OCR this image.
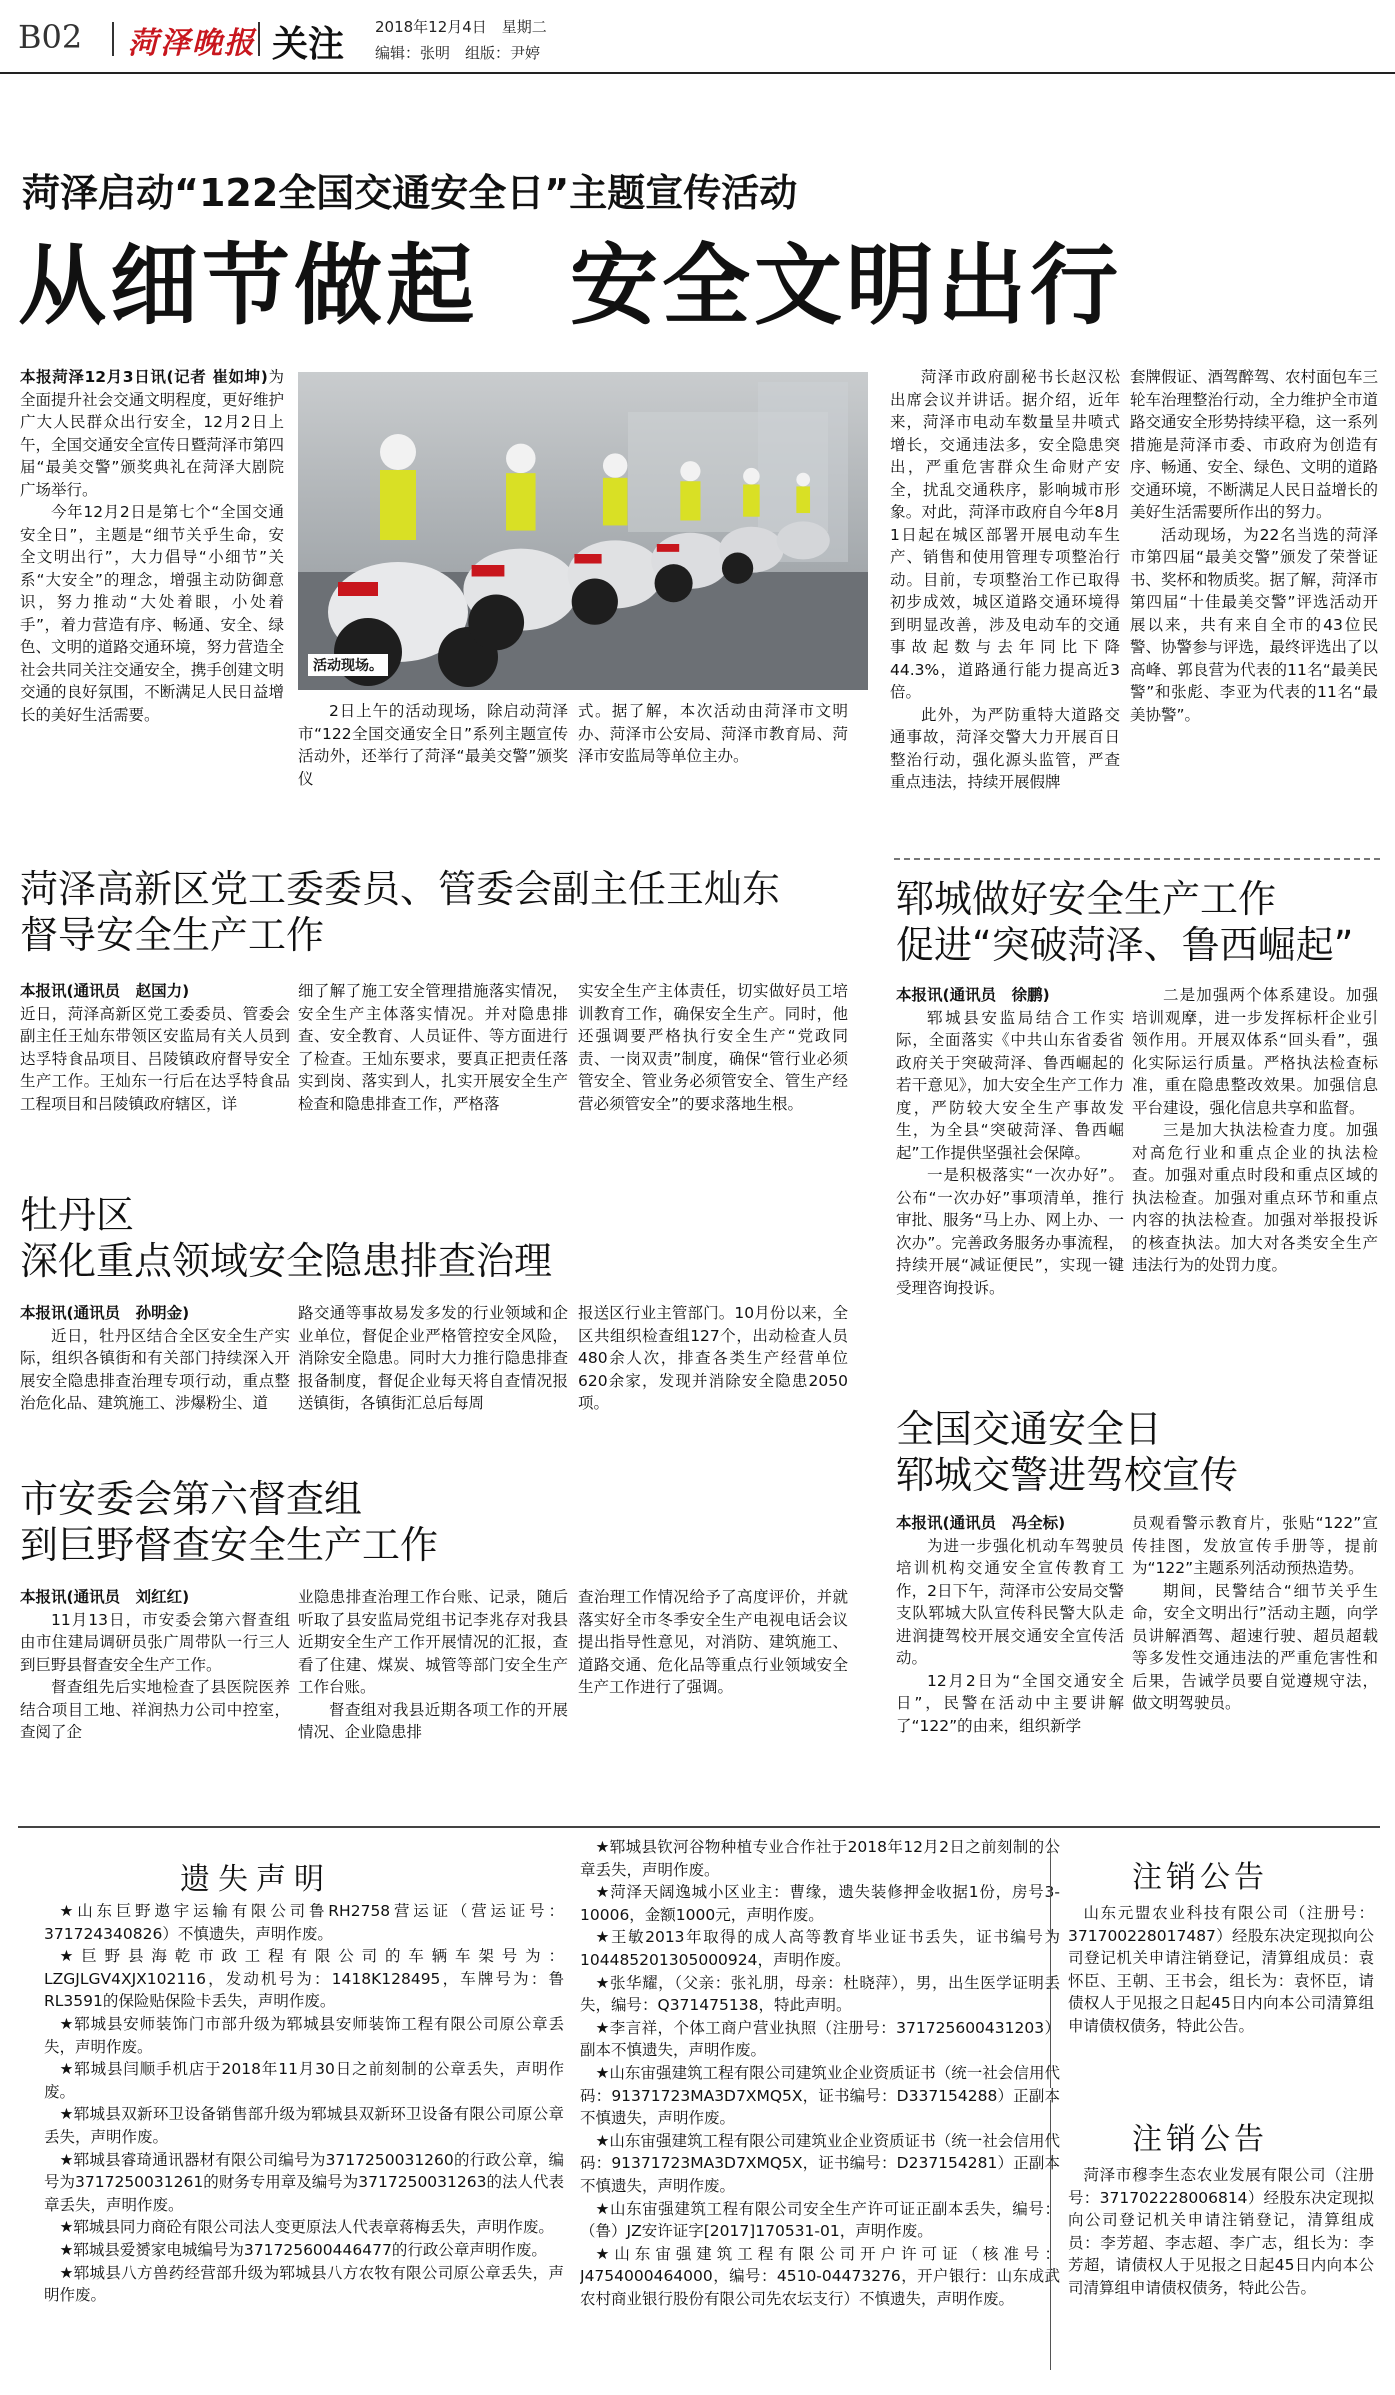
B02 菏泽晚报 关注 2018年12月4日　星期二
编辑：张明　组版：尹婷
菏泽启动“122全国交通安全日”主题宣传活动
从细节做起　安全文明出行

本报菏泽12月3日讯(记者 崔如坤)为全面提升社会交通文明程度，更好维护广大人民群众出行安全，12月2日上午，全国交通安全宣传日暨菏泽市第四届“最美交警”颁奖典礼在菏泽大剧院广场举行。

今年12月2日是第七个“全国交通安全日”，主题是“细节关乎生命，安全文明出行”，大力倡导“小细节”关系“大安全”的理念，增强主动防御意识，努力推动“大处着眼，小处着手”，着力营造有序、畅通、安全、绿色、文明的道路交通环境，努力营造全社会共同关注交通安全，携手创建文明交通的良好氛围，不断满足人民日益增长的美好生活需要。

活动现场。

2日上午的活动现场，除启动菏泽市“122全国交通安全日”系列主题宣传活动外，还举行了菏泽“最美交警”颁奖仪

式。据了解，本次活动由菏泽市文明办、菏泽市公安局、菏泽市教育局、菏泽市安监局等单位主办。

菏泽市政府副秘书长赵汉松出席会议并讲话。据介绍，近年来，菏泽市电动车数量呈井喷式增长，交通违法多，安全隐患突出，严重危害群众生命财产安全，扰乱交通秩序，影响城市形象。对此，菏泽市政府自今年8月1日起在城区部署开展电动车生产、销售和使用管理专项整治行动。目前，专项整治工作已取得初步成效，城区道路交通环境得到明显改善，涉及电动车的交通事故起数与去年同比下降44.3%，道路通行能力提高近3倍。

此外，为严防重特大道路交通事故，菏泽交警大力开展百日整治行动，强化源头监管，严查重点违法，持续开展假牌

套牌假证、酒驾醉驾、农村面包车三轮车治理整治行动，全力维护全市道路交通安全形势持续平稳，这一系列措施是菏泽市委、市政府为创造有序、畅通、安全、绿色、文明的道路交通环境，不断满足人民日益增长的美好生活需要所作出的努力。

活动现场，为22名当选的菏泽市第四届“最美交警”颁发了荣誉证书、奖杯和物质奖。据了解，菏泽市第四届“十佳最美交警”评选活动开展以来，共有来自全市的43位民警、协警参与评选，最终评选出了以高峰、郭良营为代表的11名“最美民警”和张彪、李亚为代表的11名“最美协警”。

菏泽高新区党工委委员、管委会副主任王灿东
督导安全生产工作

本报讯(通讯员　赵国力)

近日，菏泽高新区党工委委员、管委会副主任王灿东带领区安监局有关人员到达孚特食品项目、吕陵镇政府督导安全生产工作。王灿东一行后在达孚特食品工程项目和吕陵镇政府辖区，详

细了解了施工安全管理措施落实情况，安全生产主体落实情况。并对隐患排查、安全教育、人员证件、等方面进行了检查。王灿东要求，要真正把责任落实到岗、落实到人，扎实开展安全生产检查和隐患排查工作，严格落

实安全生产主体责任，切实做好员工培训教育工作，确保安全生产。同时，他还强调要严格执行安全生产“党政同责、一岗双责”制度，确保“管行业必须管安全、管业务必须管安全、管生产经营必须管安全”的要求落地生根。

牡丹区
深化重点领域安全隐患排查治理

本报讯(通讯员　孙明金)

近日，牡丹区结合全区安全生产实际，组织各镇街和有关部门持续深入开展安全隐患排查治理专项行动，重点整治危化品、建筑施工、涉爆粉尘、道

路交通等事故易发多发的行业领域和企业单位，督促企业严格管控安全风险，消除安全隐患。同时大力推行隐患排查报备制度，督促企业每天将自查情况报送镇街，各镇街汇总后每周

报送区行业主管部门。10月份以来，全区共组织检查组127个，出动检查人员480余人次，排查各类生产经营单位620余家，发现并消除安全隐患2050项。

市安委会第六督查组
到巨野督查安全生产工作

本报讯(通讯员　刘红红)

11月13日，市安委会第六督查组由市住建局调研员张广周带队一行三人到巨野县督查安全生产工作。

督查组先后实地检查了县医院医养结合项目工地、祥润热力公司中控室，查阅了企

业隐患排查治理工作台账、记录，随后听取了县安监局党组书记李兆存对我县近期安全生产工作开展情况的汇报，查看了住建、煤炭、城管等部门安全生产工作台账。

督查组对我县近期各项工作的开展情况、企业隐患排

查治理工作情况给予了高度评价，并就落实好全市冬季安全生产电视电话会议提出指导性意见，对消防、建筑施工、道路交通、危化品等重点行业领域安全生产工作进行了强调。

郓城做好安全生产工作
促进“突破菏泽、鲁西崛起”

本报讯(通讯员　徐鹏)

郓城县安监局结合工作实际，全面落实《中共山东省委省政府关于突破菏泽、鲁西崛起的若干意见》，加大安全生产工作力度，严防较大安全生产事故发生，为全县“突破菏泽、鲁西崛起”工作提供坚强社会保障。

一是积极落实“一次办好”。公布“一次办好”事项清单，推行审批、服务“马上办、网上办、一次办”。完善政务服务办事流程，持续开展“减证便民”，实现一键受理咨询投诉。

二是加强两个体系建设。加强培训观摩，进一步发挥标杆企业引领作用。开展双体系“回头看”，强化实际运行质量。严格执法检查标准，重在隐患整改效果。加强信息平台建设，强化信息共享和监督。

三是加大执法检查力度。加强对高危行业和重点企业的执法检查。加强对重点时段和重点区域的执法检查。加强对重点环节和重点内容的执法检查。加强对举报投诉的核查执法。加大对各类安全生产违法行为的处罚力度。

全国交通安全日
郓城交警进驾校宣传

本报讯(通讯员　冯全标)

为进一步强化机动车驾驶员培训机构交通安全宣传教育工作，2日下午，菏泽市公安局交警支队郓城大队宣传科民警大队走进润捷驾校开展交通安全宣传活动。

12月2日为“全国交通安全日”，民警在活动中主要讲解了“122”的由来，组织新学

员观看警示教育片，张贴“122”宣传挂图，发放宣传手册等，提前为“122”主题系列活动预热造势。

期间，民警结合“细节关乎生命，安全文明出行”活动主题，向学员讲解酒驾、超速行驶、超员超载等多发性交通违法的严重危害性和后果，告诫学员要自觉遵规守法，做文明驾驶员。

遗失声明

★山东巨野遨宇运输有限公司鲁RH2758营运证（营运证号：371724340826）不慎遗失，声明作废。

★巨野县海乾市政工程有限公司的车辆车架号为：LZGJLGV4XJX102116，发动机号为：1418K128495，车牌号为：鲁RL3591的保险贴保险卡丢失，声明作废。

★郓城县安师装饰门市部升级为郓城县安师装饰工程有限公司原公章丢失，声明作废。

★郓城县闫顺手机店于2018年11月30日之前刻制的公章丢失，声明作废。

★郓城县双新环卫设备销售部升级为郓城县双新环卫设备有限公司原公章丢失，声明作废。

★郓城县睿琦通讯器材有限公司编号为3717250031260的行政公章，编号为3717250031261的财务专用章及编号为3717250031263的法人代表章丢失，声明作废。

★郓城县同力商砼有限公司法人变更原法人代表章蒋梅丢失，声明作废。

★郓城县爱赟家电城编号为3717256004464​77的行政公章声明作废。

★郓城县八方兽药经营部升级为郓城县八方农牧有限公司原公章丢失，声明作废。

★郓城县钦河谷物种植专业合作社于2018年12月2日之前刻制的公章丢失，声明作废。

★菏泽天阔逸城小区业主：曹缘，遗失装修押金收据1份，房号3-10006，金额1000元，声明作废。

★王敏2013年取得的成人高等教育毕业证书丢失，证书编号为104485201305000924，声明作废。

★张华耀，（父亲：张礼朋，母亲：杜晓萍），男，出生医学证明丢失，编号：Q371475138，特此声明。

★李言祥，个体工商户营业执照（注册号：371725600431203）副本不慎遗失，声明作废。

★山东宙强建筑工程有限公司建筑业企业资质证书（统一社会信用代码：91371723MA3D7XMQ5X，证书编号：D337154288）正副本不慎遗失，声明作废。

★山东宙强建筑工程有限公司建筑业企业资质证书（统一社会信用代码：91371723MA3D7XMQ5X，证书编号：D237154281）正副本不慎遗失，声明作废。

★山东宙强建筑工程有限公司安全生产许可证正副本丢失，编号：（鲁）JZ安许证字[2017]170531-01，声明作废。

★山东宙强建筑工程有限公司开户许可证（核准号：J4754000464000，编号：4510-04473276，开户银行：山东成武农村商业银行股份有限公司先农坛支行）不慎遗失，声明作废。

注销公告

山东元盟农业科技有限公司（注册号：371700228017487）经股东决定现拟向公司登记机关申请注销登记，清算组成员：袁怀臣、王朝、王书会，组长为：袁怀臣，请债权人于见报之日起45日内向本公司清算组申请债权债务，特此公告。

注销公告

菏泽市穆李生态农业发展有限公司（注册号：371702228006814）经股东决定现拟向公司登记机关申请注销登记，清算组成员：李芳超、李志超、李广志，组长为：李芳超，请债权人于见报之日起45日内向本公司清算组申请债权债务，特此公告。
